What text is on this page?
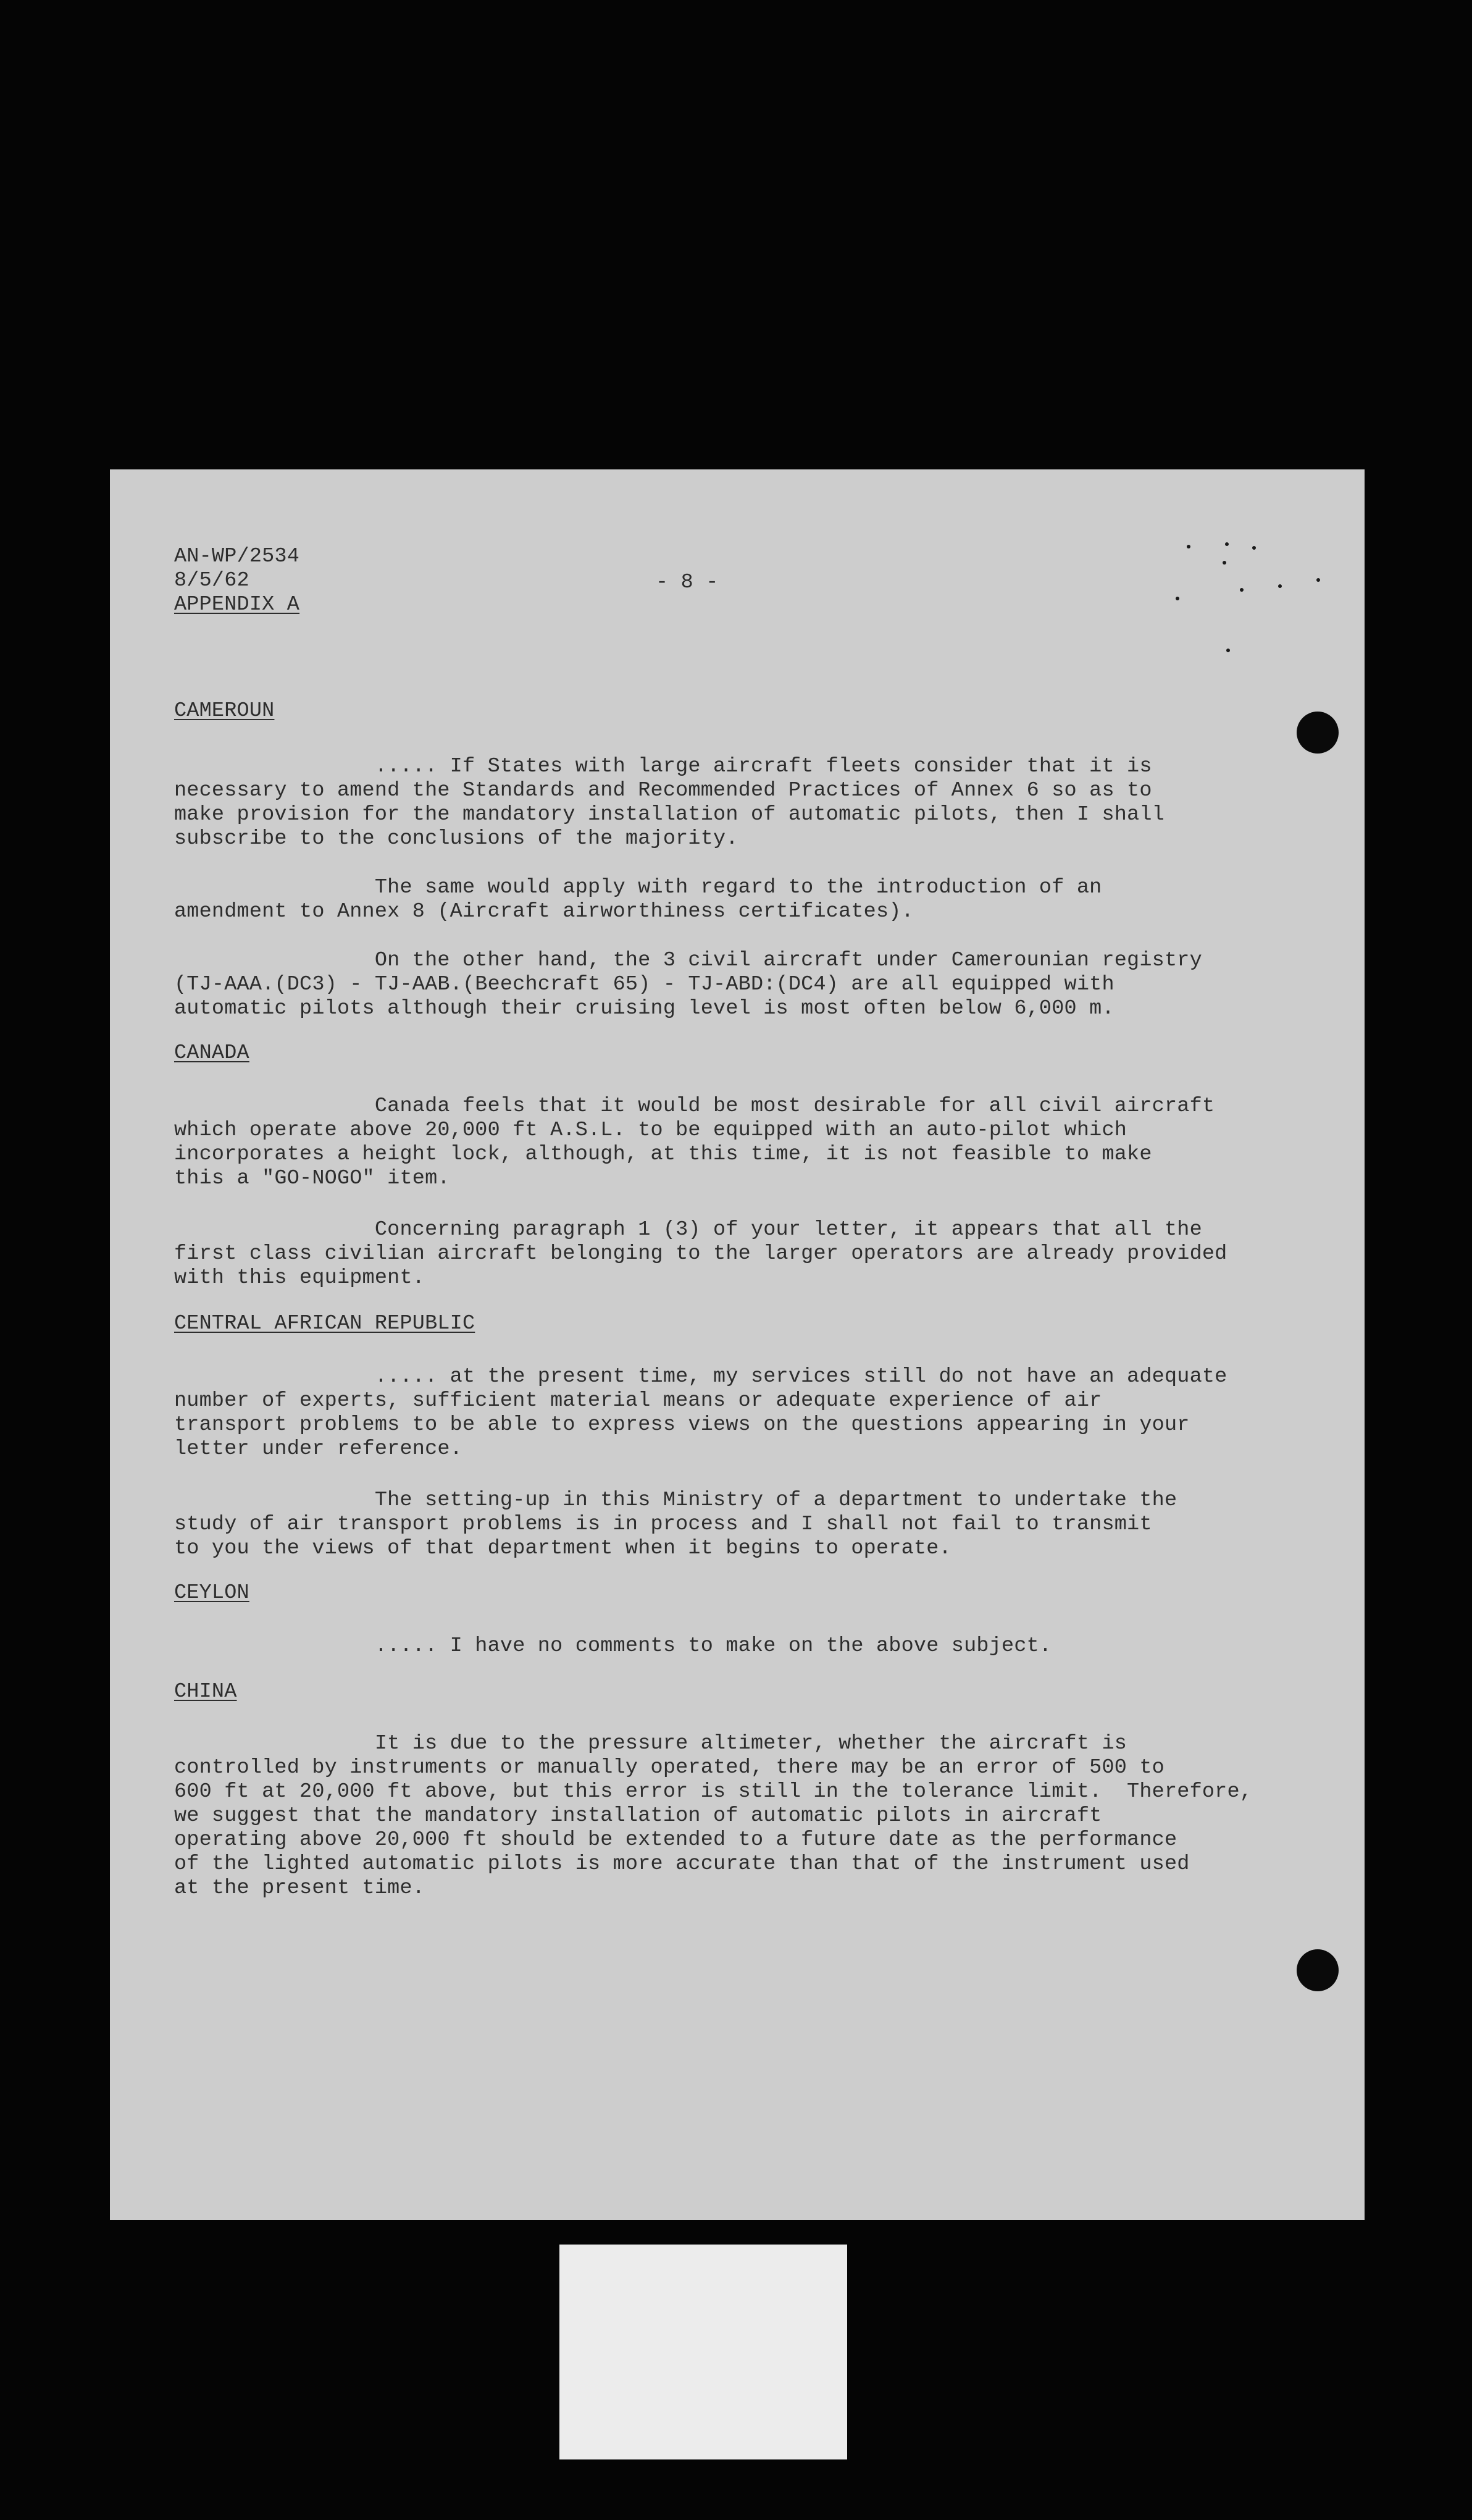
AN-WP/2534
8/5/62
APPENDIX A
- 8 -
CAMEROUN
..... If States with large aircraft fleets consider that it is
necessary to amend the Standards and Recommended Practices of Annex 6 so as to
make provision for the mandatory installation of automatic pilots, then I shall
subscribe to the conclusions of the majority.
The same would apply with regard to the introduction of an
amendment to Annex 8 (Aircraft airworthiness certificates).
On the other hand, the 3 civil aircraft under Camerounian registry
(TJ-AAA.(DC3) - TJ-AAB.(Beechcraft 65) - TJ-ABD:(DC4) are all equipped with
automatic pilots although their cruising level is most often below 6,000 m.
CANADA
Canada feels that it would be most desirable for all civil aircraft
which operate above 20,000 ft A.S.L. to be equipped with an auto-pilot which
incorporates a height lock, although, at this time, it is not feasible to make
this a "GO-NOGO" item.
Concerning paragraph 1 (3) of your letter, it appears that all the
first class civilian aircraft belonging to the larger operators are already provided
with this equipment.
CENTRAL AFRICAN REPUBLIC
..... at the present time, my services still do not have an adequate
number of experts, sufficient material means or adequate experience of air
transport problems to be able to express views on the questions appearing in your
letter under reference.
The setting-up in this Ministry of a department to undertake the
study of air transport problems is in process and I shall not fail to transmit
to you the views of that department when it begins to operate.
CEYLON
..... I have no comments to make on the above subject.
CHINA
It is due to the pressure altimeter, whether the aircraft is
controlled by instruments or manually operated, there may be an error of 500 to
600 ft at 20,000 ft above, but this error is still in the tolerance limit.  Therefore,
we suggest that the mandatory installation of automatic pilots in aircraft
operating above 20,000 ft should be extended to a future date as the performance
of the lighted automatic pilots is more accurate than that of the instrument used
at the present time.
